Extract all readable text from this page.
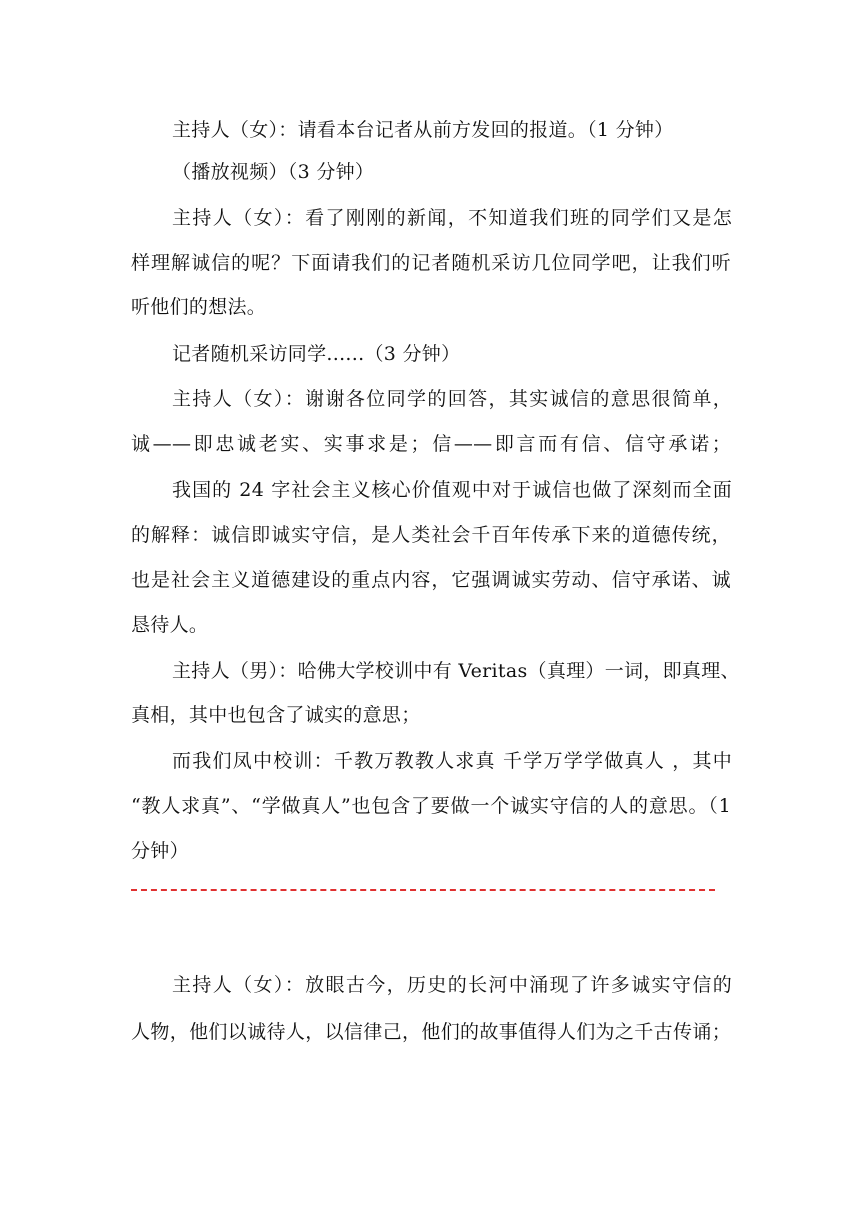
主持人（女）：请看本台记者从前方发回的报道。（1 分钟）
（播放视频）（3 分钟）
主持人（女）：看了刚刚的新闻，不知道我们班的同学们又是怎
样理解诚信的呢？下面请我们的记者随机采访几位同学吧，让我们听
听他们的想法。
记者随机采访同学......（3 分钟）
主持人（女）：谢谢各位同学的回答，其实诚信的意思很简单，
诚——即忠诚老实、实事求是；信——即言而有信、信守承诺；
我国的 24 字社会主义核心价值观中对于诚信也做了深刻而全面
的解释：诚信即诚实守信，是人类社会千百年传承下来的道德传统，
也是社会主义道德建设的重点内容，它强调诚实劳动、信守承诺、诚
恳待人。
主持人（男）：哈佛大学校训中有 Veritas（真理）一词，即真理、
真相，其中也包含了诚实的意思；
而我们凤中校训：千教万教教人求真 千学万学学做真人 ，其中
“教人求真”、“学做真人”也包含了要做一个诚实守信的人的意思。（1
分钟）
主持人（女）：放眼古今，历史的长河中涌现了许多诚实守信的
人物，他们以诚待人，以信律己，他们的故事值得人们为之千古传诵；
